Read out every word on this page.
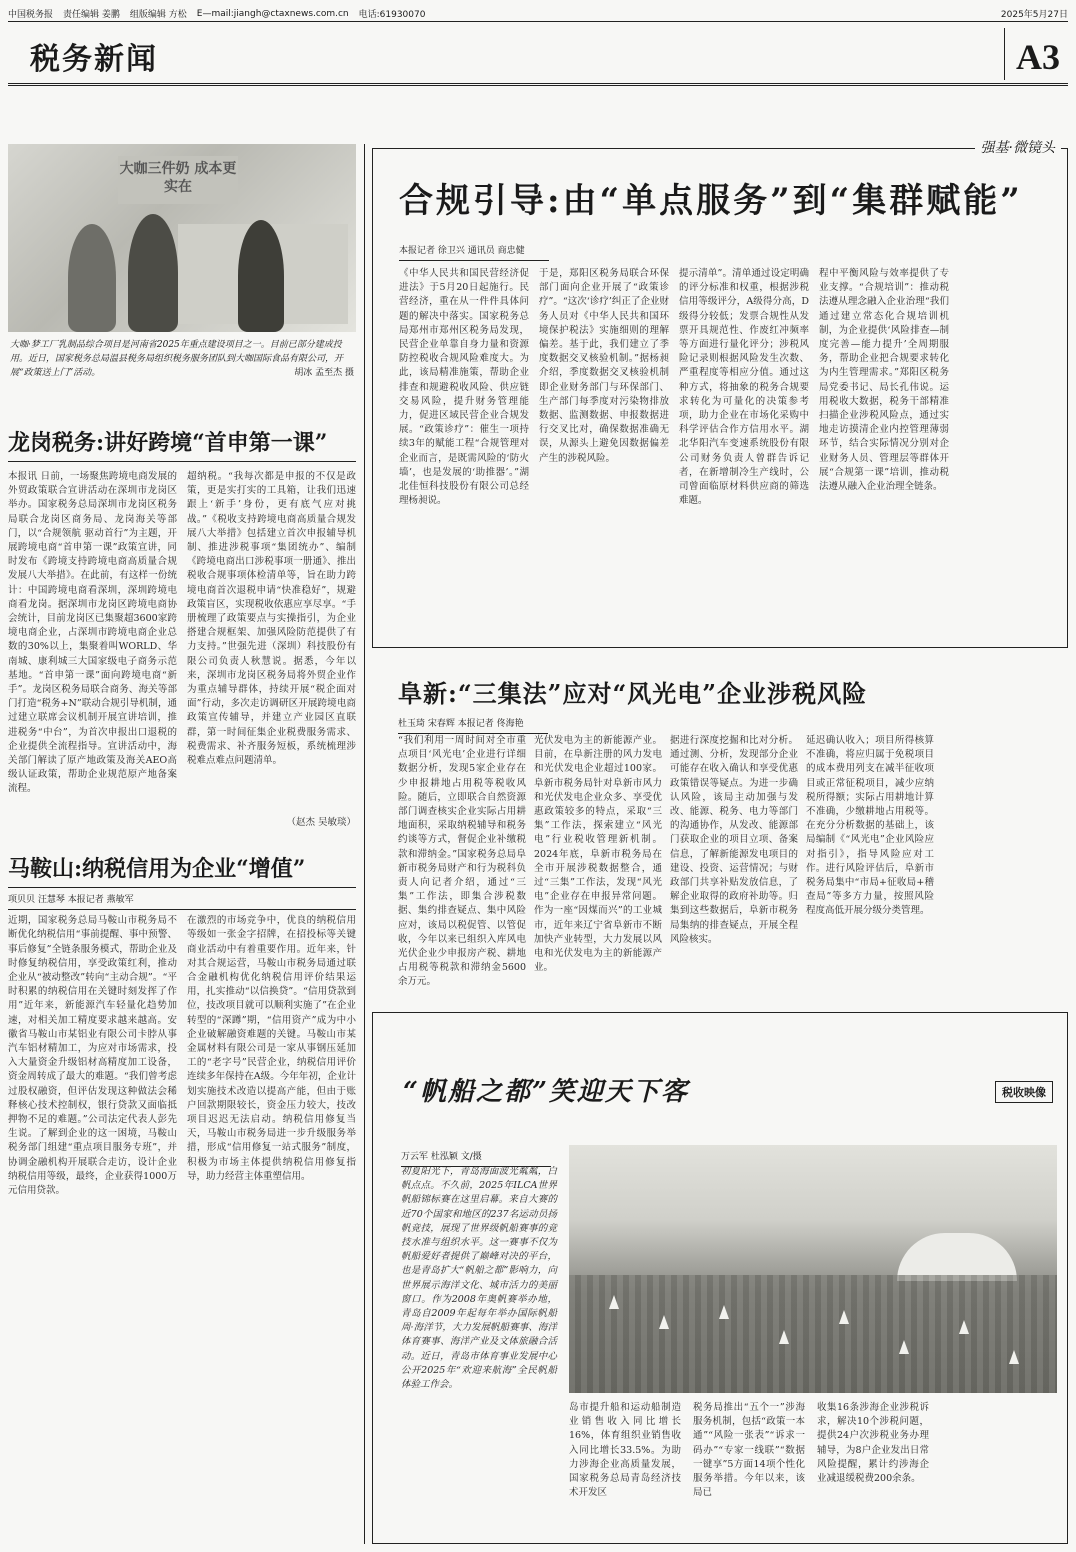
中国税务报 责任编辑 姜鹏 组版编辑 方松 E—mail:jiangh@ctaxnews.com.cn 电话:61930070	2025年5月27日
税务新闻	A3
大咖三件奶 成本更实在
大咖·梦工厂乳制品综合项目是河南省2025年重点建设项目之一。目前已部分建成投用。近日，国家税务总局温县税务局组织税务服务团队到大咖国际食品有限公司，开展“政策送上门”活动。	胡冰 孟至杰 摄
龙岗税务:讲好跨境“首申第一课”
本报讯 日前，一场聚焦跨境电商发展的外贸政策联合宣讲活动在深圳市龙岗区举办。国家税务总局深圳市龙岗区税务局联合龙岗区商务局、龙岗海关等部门，以“合规领航 驱动首行”为主题，开展跨境电商“首申第一课”政策宣讲，同时发布《跨境支持跨境电商高质量合规发展八大举措》。在此前，有这样一份统计：中国跨境电商看深圳，深圳跨境电商看龙岗。据深圳市龙岗区跨境电商协会统计，目前龙岗区已集聚超3600家跨境电商企业，占深圳市跨境电商企业总数的30%以上，集聚着叫WORLD、华南城、康利城三大国家级电子商务示范基地。“首申第一课”面向跨境电商“新手”。龙岗区税务局联合商务、海关等部门打造“税务+N”联动合规引导机制，通过建立联席会议机制开展宣讲培训，推进税务“中台”，为首次申报出口退税的企业提供全流程指导。宣讲活动中，海关部门解读了原产地政策及海关AEO高级认证政策，帮助企业规范原产地备案流程。
超纳税。“我每次都是申报的不仅是政策，更是实打实的工具箱，让我们迅速跟上‘新手’身份，更有底气应对挑战。”《税收支持跨境电商高质量合规发展八大举措》包括建立首次申报辅导机制、推进涉税事项“集团统办”、编制《跨境电商出口涉税事项一册通》、推出税收合规事项体检清单等，旨在助力跨境电商首次退税申请“快准稳好”，规避政策盲区，实现税收依惠应享尽享。“手册梳理了政策要点与实操指引，为企业搭建合规框架、加强风险防范提供了有力支持。”世强先进（深圳）科技股份有限公司负责人秋慧说。据悉，今年以来，深圳市龙岗区税务局将外贸企业作为重点辅导群体，持续开展“税企面对面”行动，多次走访调研区开展跨境电商政策宣传辅导，并建立产业园区直联群，第一时间征集企业税费服务需求、税费需求、补齐服务短板，系统梳理涉税难点难点问题清单。
（赵杰 吴敏琰）
马鞍山:纳税信用为企业“增值”
项贝贝 汪慧琴 本报记者 燕敏军
近期，国家税务总局马鞍山市税务局不断优化纳税信用“事前提醒、事中预警、事后修复”全链条服务模式，帮助企业及时修复纳税信用，享受政策红利，推动企业从“被动整改”转向“主动合规”。“平时积累的纳税信用在关键时刻发挥了作用”近年来，新能源汽车轻量化趋势加速，对相关加工精度要求越来越高。安徽省马鞍山市某铝业有限公司卡脖从事汽车铝材精加工，为应对市场需求，投入大量资金升级铝材高精度加工设备，资金周转成了最大的难题。“我们曾考虑过股权融资，但评估发现这种做法会稀释核心技术控制权，银行贷款又面临抵押物不足的难题。”公司法定代表人彭先生说。了解到企业的这一困境，马鞍山税务部门组建“重点项目服务专班”，并协调金融机构开展联合走访，设计企业纳税信用等级，最终，企业获得1000万元信用贷款。
在激烈的市场竞争中，优良的纳税信用等级如一张金字招牌，在招投标等关键商业活动中有着重要作用。近年来，针对其合规运营，马鞍山市税务局通过联合金融机构优化纳税信用评价结果运用，扎实推动“以信换贷”。“信用贷款到位，技改项目就可以顺利实施了”在企业转型的“深蹲”期，“信用资产”成为中小企业破解融资难题的关键。马鞍山市某金属材料有限公司是一家从事钢压延加工的“老字号”民营企业，纳税信用评价连续多年保持在A级。今年年初，企业计划实施技术改造以提高产能，但由于账户回款期限较长，资金压力较大，技改项目迟迟无法启动。纳税信用修复当天，马鞍山市税务局进一步升级服务举措，形成“信用修复一站式服务”制度，积极为市场主体提供纳税信用修复指导，助力经营主体重塑信用。
强基·微镜头
合规引导:由“单点服务”到“集群赋能”
本报记者 徐卫兴 通讯员 商忠健
《中华人民共和国民营经济促进法》于5月20日起施行。民营经济，重在从一件件具体问题的解决中落实。国家税务总局郑州市郑州区税务局发现，民营企业单靠自身力量和资源防控税收合规风险难度大。为此，该局精准施策，帮助企业排查和规避税收风险、供应链交易风险，提升财务管理能力，促进区域民营企业合规发展。“政策诊疗”：催生一项持续3年的赋能工程“合规管理对企业而言，是既需风险的‘防火墙’，也是发展的‘助推器’。”湖北佳恒科技股份有限公司总经理杨昶说。
于是，郑阳区税务局联合环保部门面向企业开展了“政策诊疗”。“这次‘诊疗’纠正了企业财务人员对《中华人民共和国环境保护税法》实施细则的理解偏差。基于此，我们建立了季度数据交叉核验机制。”据杨昶介绍，季度数据交叉核验机制即企业财务部门与环保部门、生产部门每季度对污染物排放数据、监测数据、申报数据进行交叉比对，确保数据准确无误，从源头上避免因数据偏差产生的涉税风险。
提示清单”。清单通过设定明确的评分标准和权重，根据涉税信用等级评分，A级得分高，D级得分较低；发票合规性从发票开具规范性、作废红冲频率等方面进行量化评分；涉税风险记录则根据风险发生次数、严重程度等相应分值。通过这种方式，将抽象的税务合规要求转化为可量化的决策参考项，助力企业在市场化采购中科学评估合作方信用水平。湖北华阳汽车变速系统股份有限公司财务负责人曾群告诉记者，在新增制冷生产线时，公司曾面临原材料供应商的筛选难题。
程中平衡风险与效率提供了专业支撑。“合规培训”：推动税法遵从理念融入企业治理“我们通过建立常态化合规培训机制，为企业提供‘风险排查—制度完善—能力提升’全周期服务，帮助企业把合规要求转化为内生管理需求。”郑阳区税务局党委书记、局长孔伟说。运用税收大数据，税务干部精准扫描企业涉税风险点，通过实地走访摸清企业内控管理薄弱环节，结合实际情况分别对企业财务人员、管理层等群体开展“合规第一课”培训，推动税法遵从融入企业治理全链条。
阜新:“三集法”应对“风光电”企业涉税风险
杜玉琦 宋春辉 本报记者 佟海艳
“我们利用一周时间对全市重点项目‘风光电’企业进行详细数据分析，发现5家企业存在少申报耕地占用税等税收风险。随后，立即联合自然资源部门调查核实企业实际占用耕地面积，采取纳税辅导和税务约谈等方式，督促企业补缴税款和滞纳金。”国家税务总局阜新市税务局财产和行为税科负责人向记者介绍，通过“三集”工作法，即集合涉税数据、集约排查疑点、集中风险应对，该局以税促管、以管促收，今年以来已组织入库风电光伏企业少申报房产税、耕地占用税等税款和滞纳金5600余万元。
光伏发电为主的新能源产业。目前，在阜新注册的风力发电和光伏发电企业超过100家。阜新市税务局针对阜新市风力和光伏发电企业众多、享受优惠政策较多的特点，采取“三集”工作法，探索建立“风光电”行业税收管理新机制。2024年底，阜新市税务局在全市开展涉税数据整合，通过“三集”工作法，发现“风光电”企业存在申报异常问题。作为一座“因煤而兴”的工业城市，近年来辽宁省阜新市不断加快产业转型，大力发展以风电和光伏发电为主的新能源产业。
据进行深度挖掘和比对分析。通过测、分析，发现部分企业可能存在收入确认和享受优惠政策错误等疑点。为进一步确认风险，该局主动加强与发改、能源、税务、电力等部门的沟通协作，从发改、能源部门获取企业的项目立项、备案信息，了解新能源发电项目的建设、投资、运营情况；与财政部门共享补贴发放信息，了解企业取得的政府补助等。归集到这些数据后，阜新市税务局集纳的排查疑点，开展全程风险核实。
延迟确认收入；项目所得核算不准确，将应归属于免税项目的成本费用列支在减半征收项目或正常征税项目，减少应纳税所得额；实际占用耕地计算不准确，少缴耕地占用税等。在充分分析数据的基础上，该局编制《“风光电”企业风险应对指引》，指导风险应对工作。进行风险评估后，阜新市税务局集中“市局+征收局+稽查局”等多方力量，按照风险程度高低开展分级分类管理。
“帆船之都”笑迎天下客	税收映像
万云军 杜泓颖 文/摄
初夏阳光下，青岛海面波光粼粼，白帆点点。不久前，2025年ILCA世界帆船锦标赛在这里启幕。来自大赛的近70个国家和地区的237名运动员扬帆竞技，展现了世界级帆船赛事的竞技水准与组织水平。这一赛事不仅为帆船爱好者提供了巅峰对决的平台，也是青岛扩大“帆船之都”影响力，向世界展示海洋文化、城市活力的美丽窗口。作为2008年奥帆赛举办地，青岛自2009年起每年举办国际帆船周·海洋节，大力发展帆船赛事、海洋体育赛事、海洋产业及文体旅融合活动。近日，青岛市体育事业发展中心公开2025年“欢迎来航海”全民帆船体验工作会。
岛市提升船和运动船制造业销售收入同比增长16%，体育组织业销售收入同比增长33.5%。为助力涉海企业高质量发展，国家税务总局青岛经济技术开发区
税务局推出“五个一”涉海服务机制，包括“政策一本通”“风险一张表”“诉求一码办”“专家一线联”“数据一键享”5方面14项个性化服务举措。今年以来，该局已
收集16条涉海企业涉税诉求，解决10个涉税问题，提供24户次涉税业务办理辅导，为8户企业发出日常风险提醒，累计约涉海企业减退缓税费200余条。
